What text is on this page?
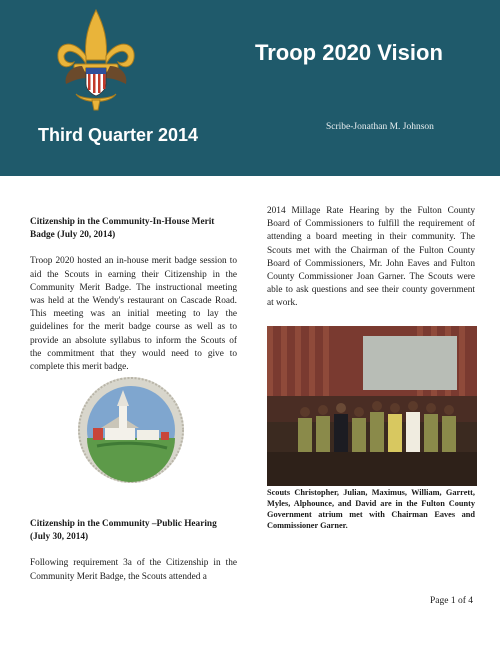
Troop 2020 Vision
Scribe-Jonathan M. Johnson
Third Quarter 2014
Citizenship in the Community-In-House Merit Badge (July 20, 2014)

Troop 2020 hosted an in-house merit badge session to aid the Scouts in earning their Citizenship in the Community Merit Badge. The instructional meeting was held at the Wendy's restaurant on Cascade Road. This meeting was an initial meeting to lay the guidelines for the merit badge course as well as to provide an absolute syllabus to inform the Scouts of the commitment that they would need to give to complete this merit badge.

Citizenship in the Community –Public Hearing (July 30, 2014)

Following requirement 3a of the Citizenship in the Community Merit Badge, the Scouts attended a

2014 Millage Rate Hearing by the Fulton County Board of Commissioners to fulfill the requirement of attending a board meeting in their community. The Scouts met with the Chairman of the Fulton County Board of Commissioners, Mr. John Eaves and Fulton County Commissioner Joan Garner. The Scouts were able to ask questions and see their county government at work.

Scouts Christopher, Julian, Maximus, William, Garrett, Myles, Alphounce, and David are in the Fulton County Government atrium met with Chairman Eaves and Commissioner Garner.
Page 1 of 4
